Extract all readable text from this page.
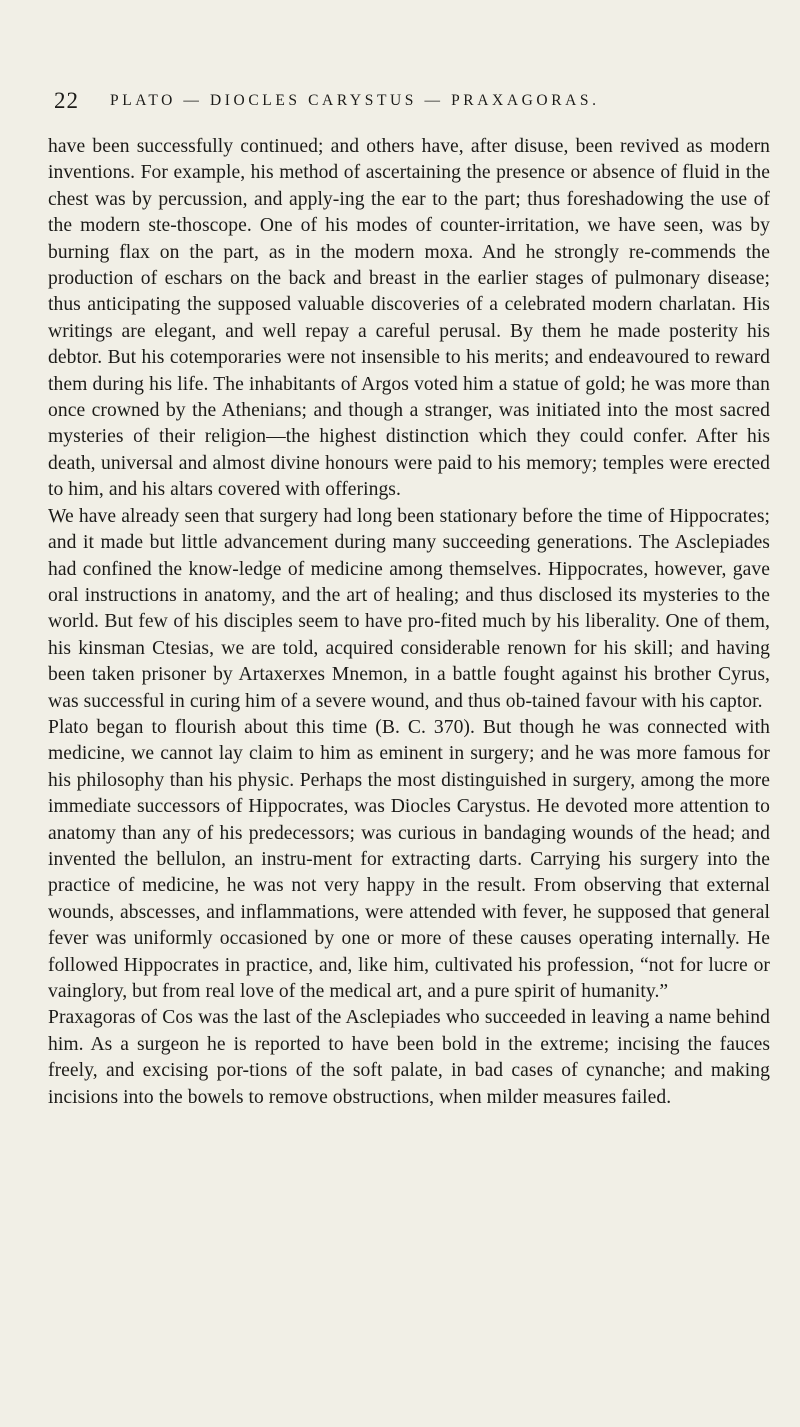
22 PLATO — DIOCLES CARYSTUS — PRAXAGORAS.

have been successfully continued; and others have, after disuse, been revived as modern inventions. For example, his method of ascertaining the presence or absence of fluid in the chest was by percussion, and apply-ing the ear to the part; thus foreshadowing the use of the modern ste-thoscope. One of his modes of counter-irritation, we have seen, was by burning flax on the part, as in the modern moxa. And he strongly re-commends the production of eschars on the back and breast in the earlier stages of pulmonary disease; thus anticipating the supposed valuable discoveries of a celebrated modern charlatan. His writings are elegant, and well repay a careful perusal. By them he made posterity his debtor. But his cotemporaries were not insensible to his merits; and endeavoured to reward them during his life. The inhabitants of Argos voted him a statue of gold; he was more than once crowned by the Athenians; and though a stranger, was initiated into the most sacred mysteries of their religion—the highest distinction which they could confer. After his death, universal and almost divine honours were paid to his memory; temples were erected to him, and his altars covered with offerings.

We have already seen that surgery had long been stationary before the time of Hippocrates; and it made but little advancement during many succeeding generations. The Asclepiades had confined the know-ledge of medicine among themselves. Hippocrates, however, gave oral instructions in anatomy, and the art of healing; and thus disclosed its mysteries to the world. But few of his disciples seem to have pro-fited much by his liberality. One of them, his kinsman Ctesias, we are told, acquired considerable renown for his skill; and having been taken prisoner by Artaxerxes Mnemon, in a battle fought against his brother Cyrus, was successful in curing him of a severe wound, and thus ob-tained favour with his captor.

Plato began to flourish about this time (B. C. 370). But though he was connected with medicine, we cannot lay claim to him as eminent in surgery; and he was more famous for his philosophy than his physic. Perhaps the most distinguished in surgery, among the more immediate successors of Hippocrates, was Diocles Carystus. He devoted more attention to anatomy than any of his predecessors; was curious in bandaging wounds of the head; and invented the bellulon, an instru-ment for extracting darts. Carrying his surgery into the practice of medicine, he was not very happy in the result. From observing that external wounds, abscesses, and inflammations, were attended with fever, he supposed that general fever was uniformly occasioned by one or more of these causes operating internally. He followed Hippocrates in practice, and, like him, cultivated his profession, “not for lucre or vainglory, but from real love of the medical art, and a pure spirit of humanity.”

Praxagoras of Cos was the last of the Asclepiades who succeeded in leaving a name behind him. As a surgeon he is reported to have been bold in the extreme; incising the fauces freely, and excising por-tions of the soft palate, in bad cases of cynanche; and making incisions into the bowels to remove obstructions, when milder measures failed.
